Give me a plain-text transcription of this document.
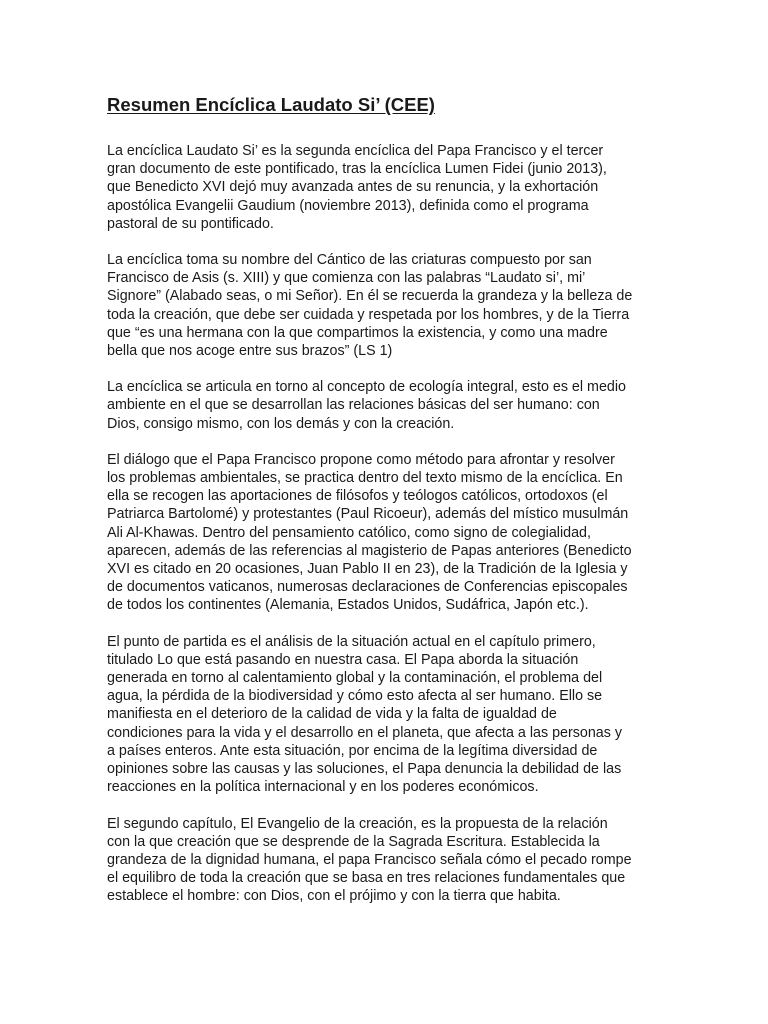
Resumen Encíclica Laudato Si’ (CEE)
La encíclica Laudato Si’ es la segunda encíclica del Papa Francisco y el tercer
gran documento de este pontificado, tras la encíclica Lumen Fidei (junio 2013),
que Benedicto XVI dejó muy avanzada antes de su renuncia, y la exhortación
apostólica Evangelii Gaudium (noviembre 2013), definida como el programa
pastoral de su pontificado.
La encíclica toma su nombre del Cántico de las criaturas compuesto por san
Francisco de Asis (s. XIII) y que comienza con las palabras “Laudato si’, mi’
Signore” (Alabado seas, o mi Señor). En él se recuerda la grandeza y la belleza de
toda la creación, que debe ser cuidada y respetada por los hombres, y de la Tierra
que “es una hermana con la que compartimos la existencia, y como una madre
bella que nos acoge entre sus brazos” (LS 1)
La encíclica se articula en torno al concepto de ecología integral, esto es el medio
ambiente en el que se desarrollan las relaciones básicas del ser humano: con
Dios, consigo mismo, con los demás y con la creación.
El diálogo que el Papa Francisco propone como método para afrontar y resolver
los problemas ambientales, se practica dentro del texto mismo de la encíclica. En
ella se recogen las aportaciones de filósofos y teólogos católicos, ortodoxos (el
Patriarca Bartolomé) y protestantes (Paul Ricoeur), además del místico musulmán
Ali Al-Khawas. Dentro del pensamiento católico, como signo de colegialidad,
aparecen, además de las referencias al magisterio de Papas anteriores (Benedicto
XVI es citado en 20 ocasiones, Juan Pablo II en 23), de la Tradición de la Iglesia y
de documentos vaticanos, numerosas declaraciones de Conferencias episcopales
de todos los continentes (Alemania, Estados Unidos, Sudáfrica, Japón etc.).
El punto de partida es el análisis de la situación actual en el capítulo primero,
titulado Lo que está pasando en nuestra casa. El Papa aborda la situación
generada en torno al calentamiento global y la contaminación, el problema del
agua, la pérdida de la biodiversidad y cómo esto afecta al ser humano. Ello se
manifiesta en el deterioro de la calidad de vida y la falta de igualdad de
condiciones para la vida y el desarrollo en el planeta, que afecta a las personas y
a países enteros. Ante esta situación, por encima de la legítima diversidad de
opiniones sobre las causas y las soluciones, el Papa denuncia la debilidad de las
reacciones en la política internacional y en los poderes económicos.
El segundo capítulo, El Evangelio de la creación, es la propuesta de la relación
con la que creación que se desprende de la Sagrada Escritura. Establecida la
grandeza de la dignidad humana, el papa Francisco señala cómo el pecado rompe
el equilibro de toda la creación que se basa en tres relaciones fundamentales que
establece el hombre: con Dios, con el prójimo y con la tierra que habita.
